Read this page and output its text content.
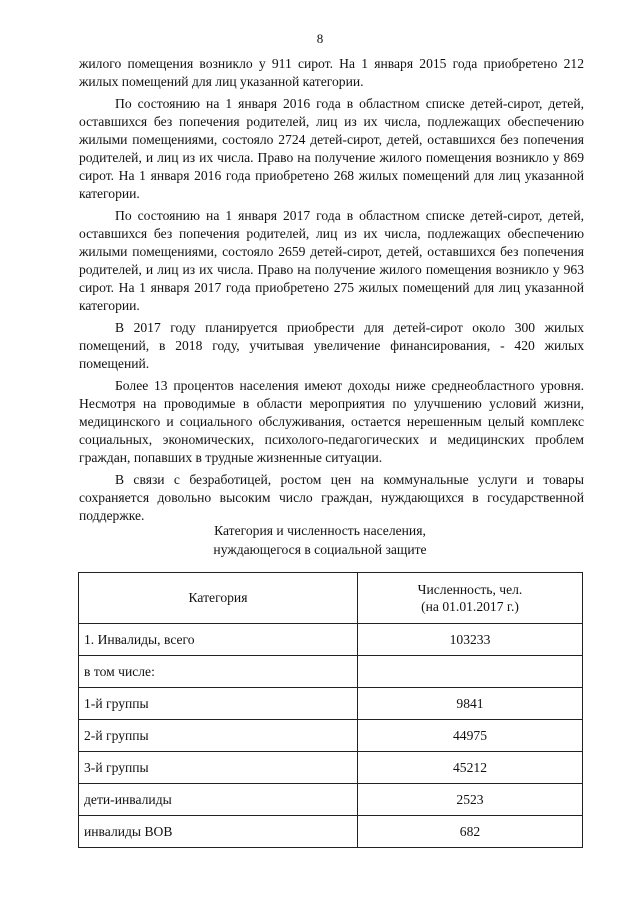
8

жилого помещения возникло у 911 сирот. На 1 января 2015 года приобретено 212 жилых помещений для лиц указанной категории.

По состоянию на 1 января 2016 года в областном списке детей-сирот, детей, оставшихся без попечения родителей, лиц из их числа, подлежащих обеспечению жилыми помещениями, состояло 2724 детей-сирот, детей, оставшихся без попечения родителей, и лиц из их числа. Право на получение жилого помещения возникло у 869 сирот. На 1 января 2016 года приобретено 268 жилых помещений для лиц указанной категории.

По состоянию на 1 января 2017 года в областном списке детей-сирот, детей, оставшихся без попечения родителей, лиц из их числа, подлежащих обеспечению жилыми помещениями, состояло 2659 детей-сирот, детей, оставшихся без попечения родителей, и лиц из их числа. Право на получение жилого помещения возникло у 963 сирот. На 1 января 2017 года приобретено 275 жилых помещений для лиц указанной категории.

В 2017 году планируется приобрести для детей-сирот около 300 жилых помещений, в 2018 году, учитывая увеличение финансирования, - 420 жилых помещений.

Более 13 процентов населения имеют доходы ниже среднеобластного уровня. Несмотря на проводимые в области мероприятия по улучшению условий жизни, медицинского и социального обслуживания, остается нерешенным целый комплекс социальных, экономических, психолого-педагогических и медицинских проблем граждан, попавших в трудные жизненные ситуации.

В связи с безработицей, ростом цен на коммунальные услуги и товары сохраняется довольно высоким число граждан, нуждающихся в государственной поддержке.

Категория и численность населения,
нуждающегося в социальной защите
Категория	Численность, чел.
(на 01.01.2017 г.)

1. Инвалиды, всего	103233
в том числе:	
1-й группы	9841
2-й группы	44975
3-й группы	45212
дети-инвалиды	2523
инвалиды ВОВ	682
